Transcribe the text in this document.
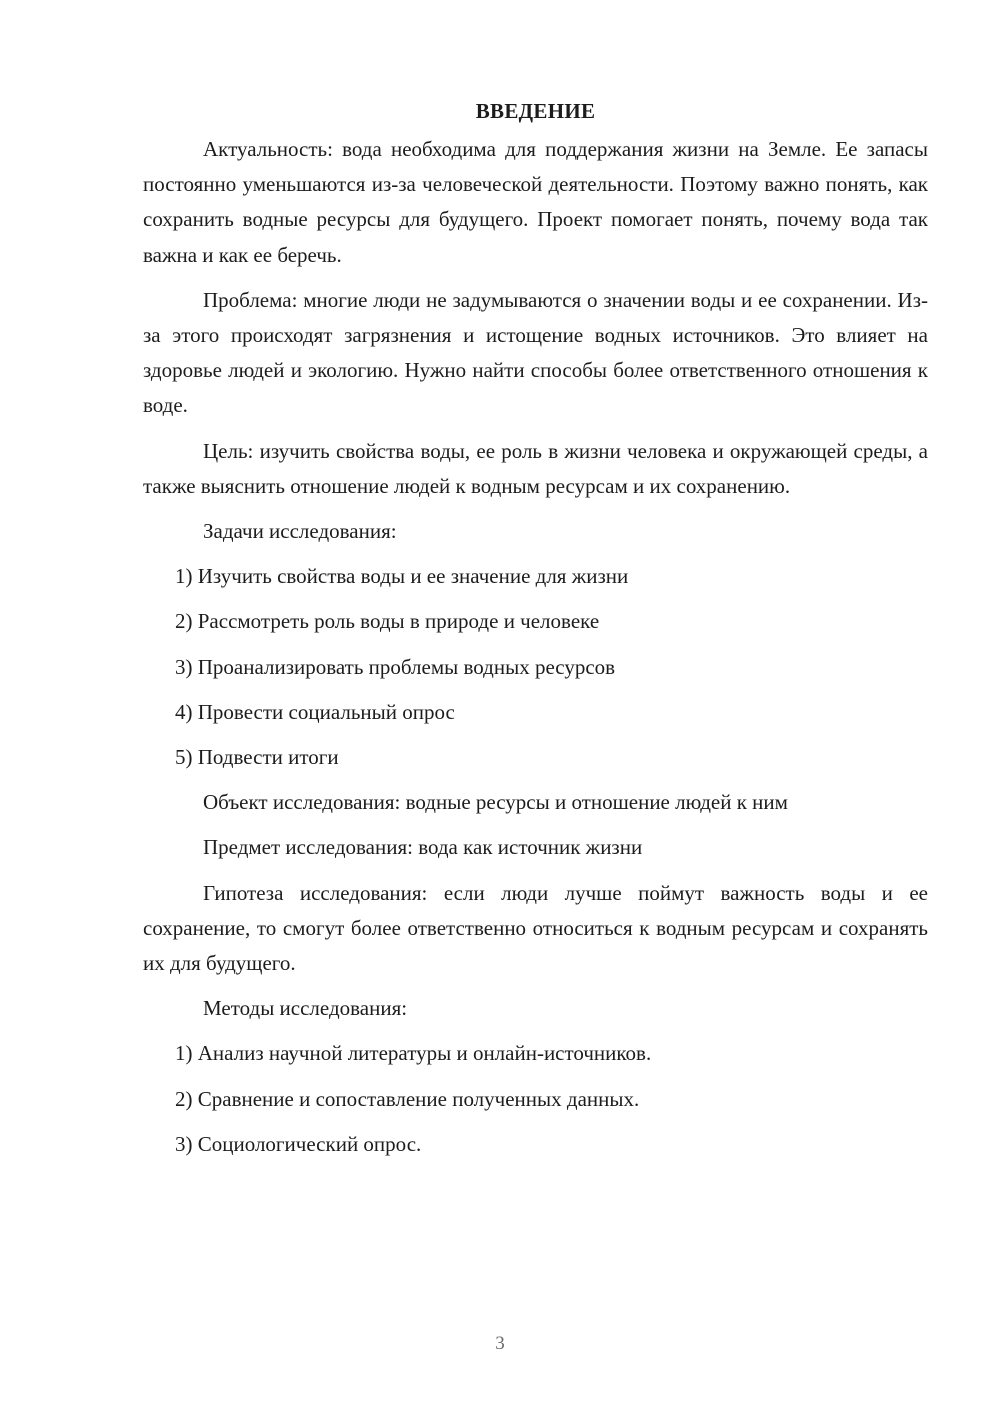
ВВЕДЕНИЕ

Актуальность: вода необходима для поддержания жизни на Земле. Ее запасы постоянно уменьшаются из-за человеческой деятельности. Поэтому важно понять, как сохранить водные ресурсы для будущего. Проект помогает понять, почему вода так важна и как ее беречь.

Проблема: многие люди не задумываются о значении воды и ее сохранении. Из-за этого происходят загрязнения и истощение водных источников. Это влияет на здоровье людей и экологию. Нужно найти способы более ответственного отношения к воде.

Цель: изучить свойства воды, ее роль в жизни человека и окружающей среды, а также выяснить отношение людей к водным ресурсам и их сохранению.

Задачи исследования:
1) Изучить свойства воды и ее значение для жизни
2) Рассмотреть роль воды в природе и человеке
3) Проанализировать проблемы водных ресурсов
4) Провести социальный опрос
5) Подвести итоги
Объект исследования: водные ресурсы и отношение людей к ним
Предмет исследования: вода как источник жизни

Гипотеза исследования: если люди лучше поймут важность воды и ее сохранение, то смогут более ответственно относиться к водным ресурсам и сохранять их для будущего.

Методы исследования:
1) Анализ научной литературы и онлайн-источников.
2) Сравнение и сопоставление полученных данных.
3) Социологический опрос.
3
